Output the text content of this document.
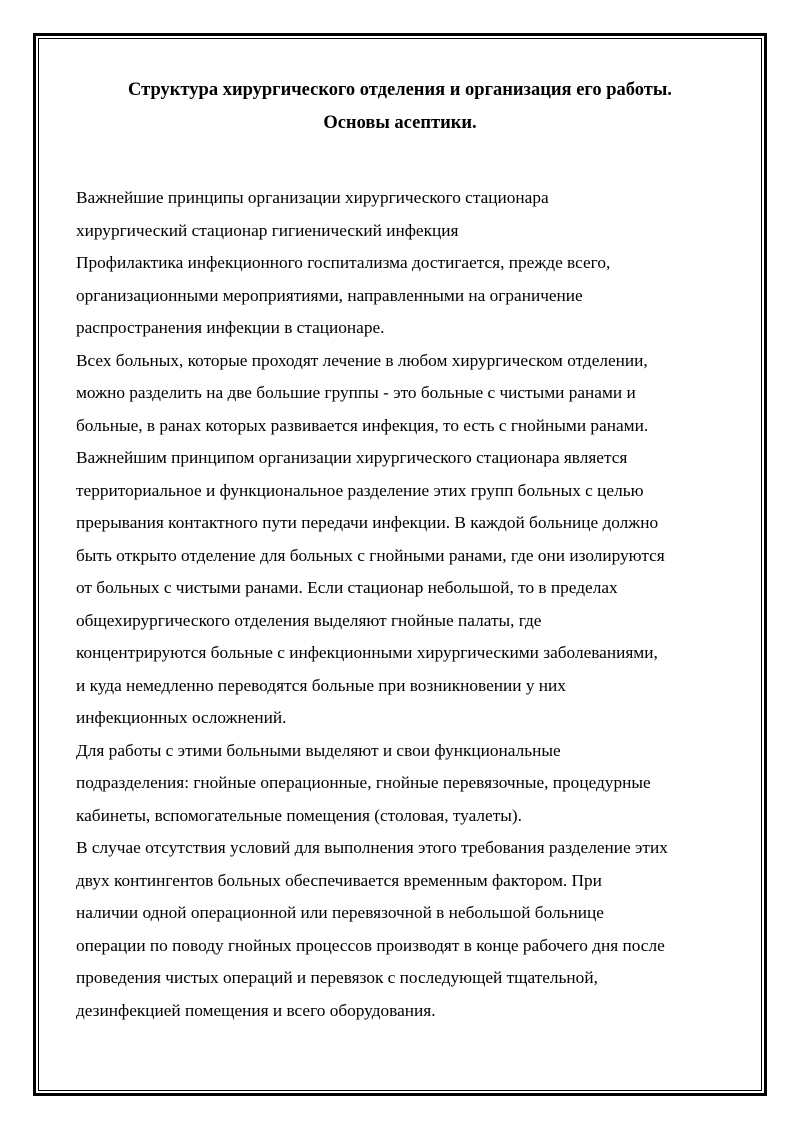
Структура хирургического отделения и организация его работы.
Основы асептики.
Важнейшие принципы организации хирургического стационара
хирургический стационар гигиенический инфекция
Профилактика инфекционного госпитализма достигается, прежде всего,
организационными мероприятиями, направленными на ограничение
распространения инфекции в стационаре.
Всех больных, которые проходят лечение в любом хирургическом отделении,
можно разделить на две большие группы - это больные с чистыми ранами и
больные, в ранах которых развивается инфекция, то есть с гнойными ранами.
Важнейшим принципом организации хирургического стационара является
территориальное и функциональное разделение этих групп больных с целью
прерывания контактного пути передачи инфекции. В каждой больнице должно
быть открыто отделение для больных с гнойными ранами, где они изолируются
от больных с чистыми ранами. Если стационар небольшой, то в пределах
общехирургического отделения выделяют гнойные палаты, где
концентрируются больные с инфекционными хирургическими заболеваниями,
и куда немедленно переводятся больные при возникновении у них
инфекционных осложнений.
Для работы с этими больными выделяют и свои функциональные
подразделения: гнойные операционные, гнойные перевязочные, процедурные
кабинеты, вспомогательные помещения (столовая, туалеты).
В случае отсутствия условий для выполнения этого требования разделение этих
двух контингентов больных обеспечивается временным фактором. При
наличии одной операционной или перевязочной в небольшой больнице
операции по поводу гнойных процессов производят в конце рабочего дня после
проведения чистых операций и перевязок с последующей тщательной,
дезинфекцией помещения и всего оборудования.
